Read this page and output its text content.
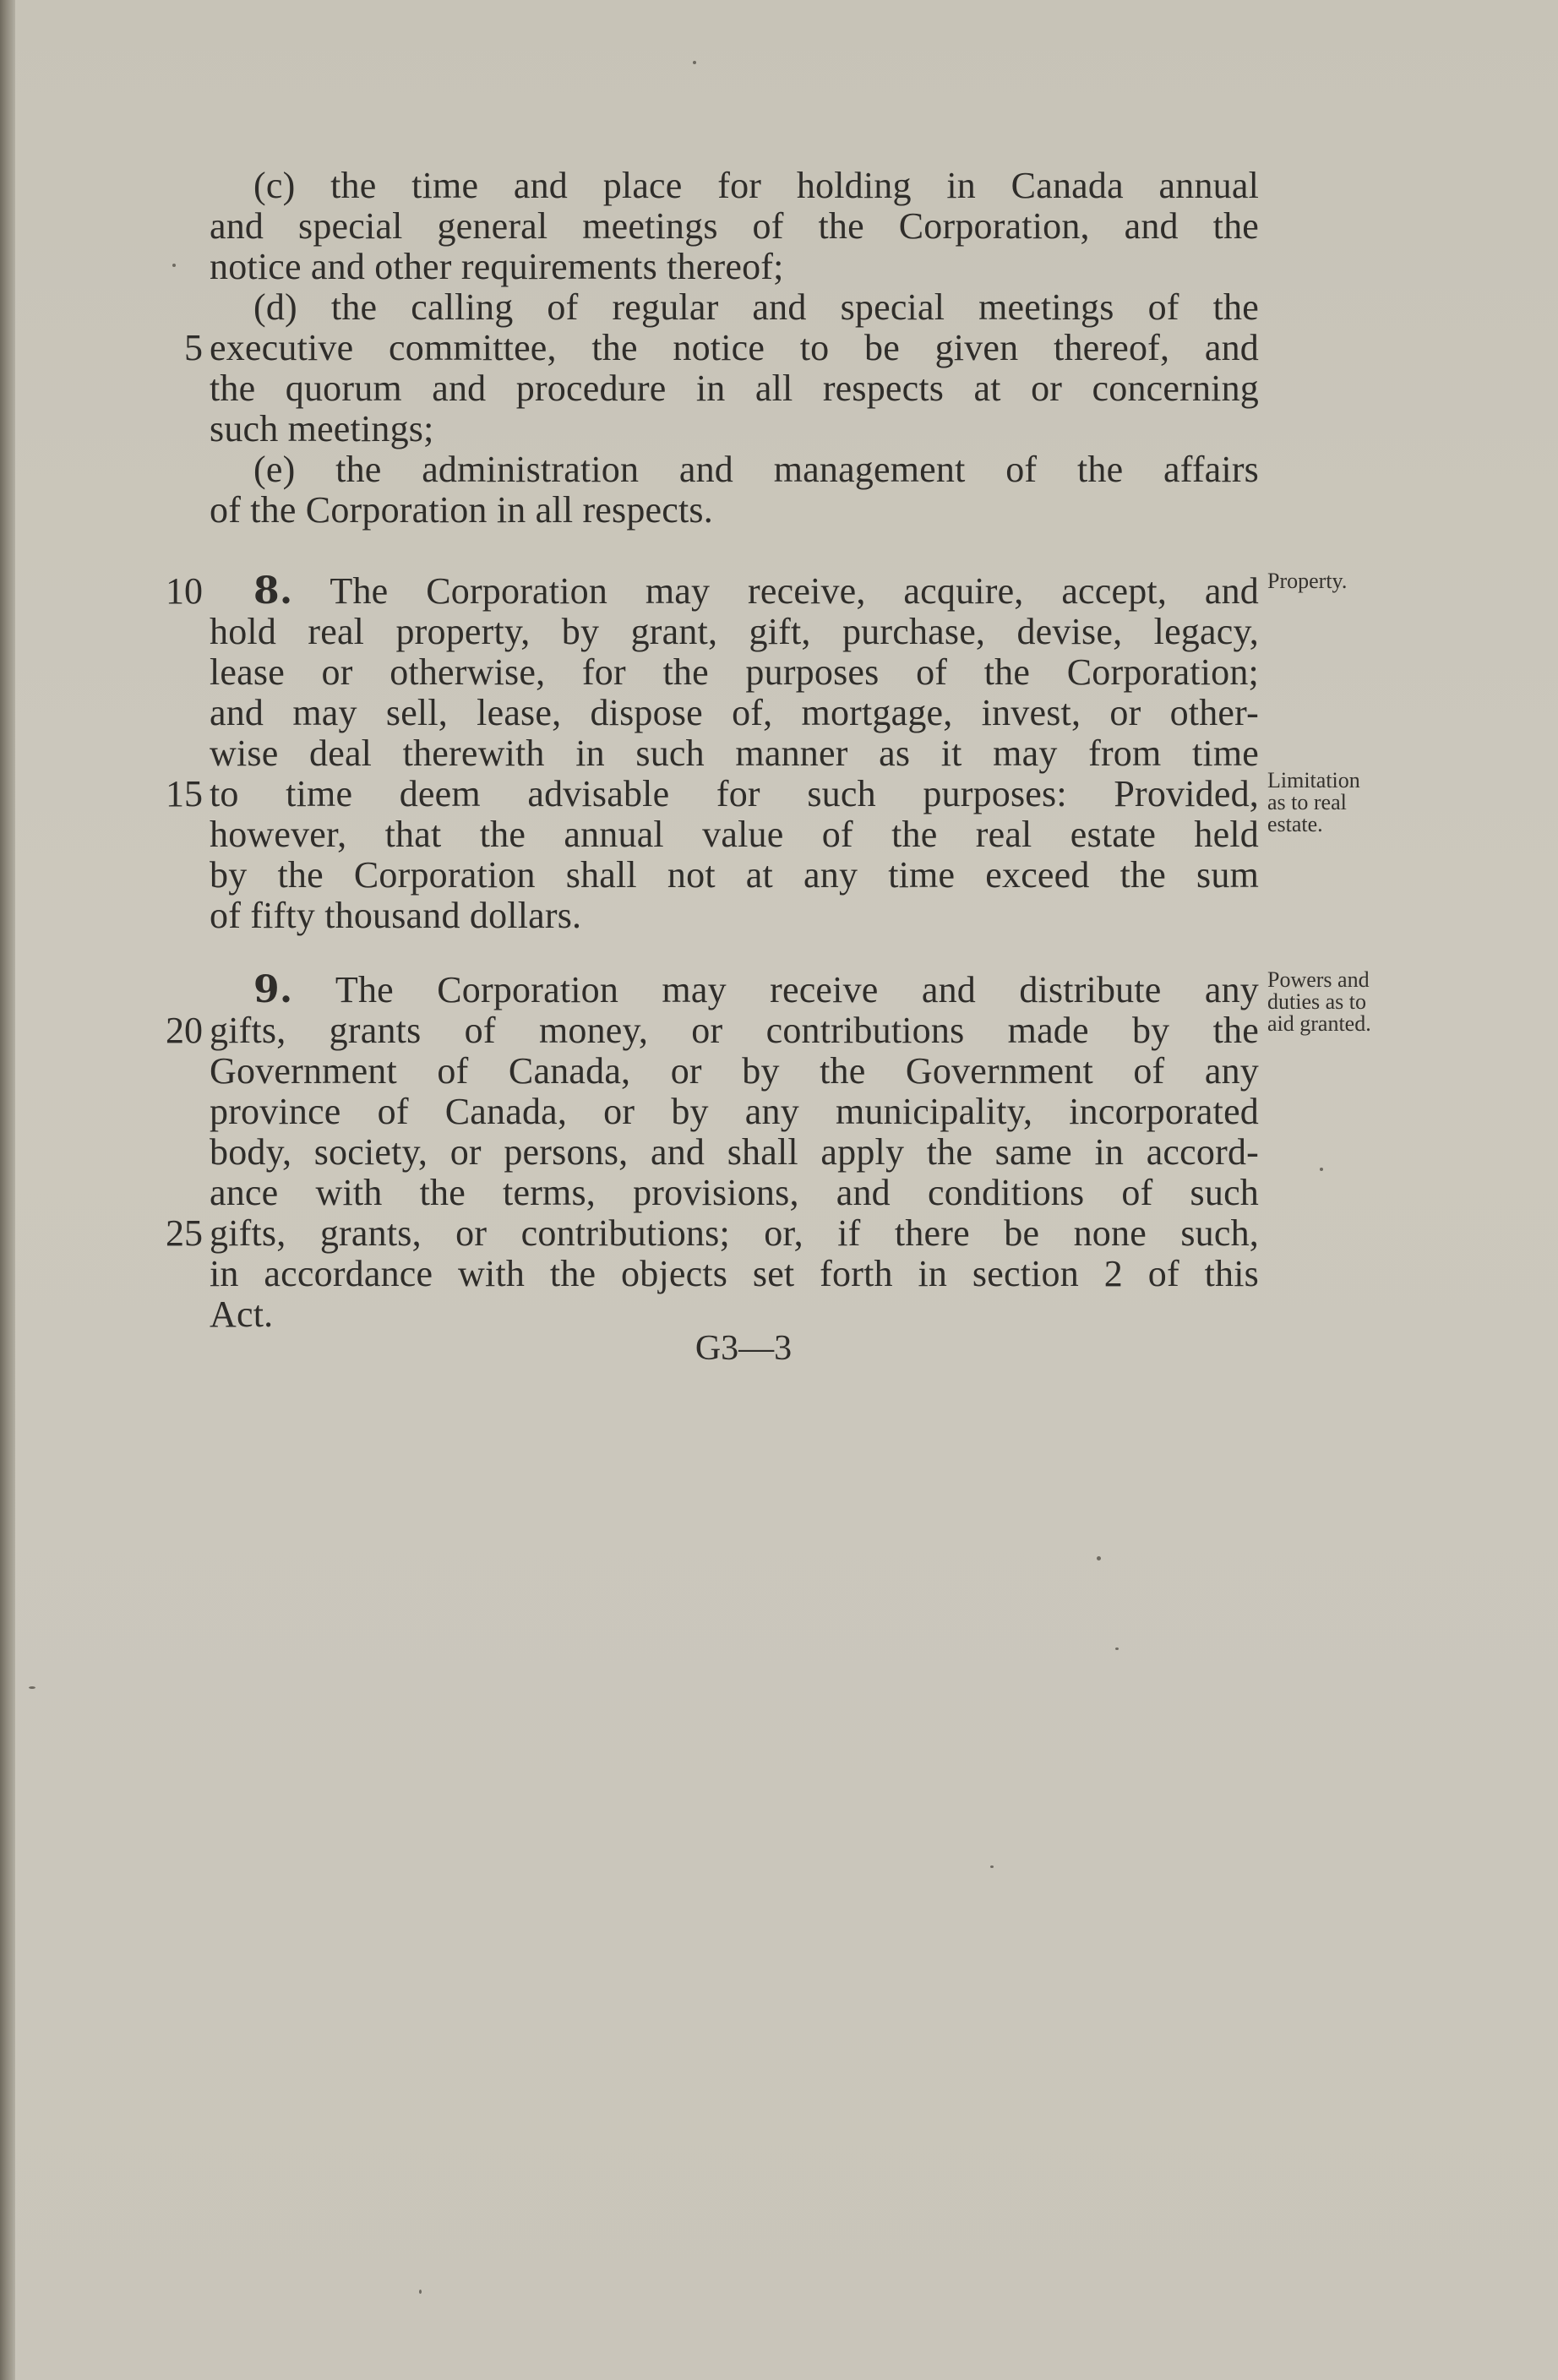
(c) the time and place for holding in Canada annual
and special general meetings of the Corporation, and the
notice and other requirements thereof;
(d) the calling of regular and special meetings of the
5 executive committee, the notice to be given thereof, and
the quorum and procedure in all respects at or concerning
such meetings;
(e) the administration and management of the affairs
of the Corporation in all respects.
10	8. The Corporation may receive, acquire, accept, and Property.
hold real property, by grant, gift, purchase, devise, legacy,
lease or otherwise, for the purposes of the Corporation;
and may sell, lease, dispose of, mortgage, invest, or other-
wise deal therewith in such manner as it may from time
15 to time deem advisable for such purposes: Provided, Limitation
as to real
estate.
however, that the annual value of the real estate held
by the Corporation shall not at any time exceed the sum
of fifty thousand dollars.
9. The Corporation may receive and distribute any Powers and
duties as to
aid granted.
20 gifts, grants of money, or contributions made by the
Government of Canada, or by the Government of any
province of Canada, or by any municipality, incorporated
body, society, or persons, and shall apply the same in accord-
ance with the terms, provisions, and conditions of such
25 gifts, grants, or contributions; or, if there be none such,
in accordance with the objects set forth in section 2 of this
Act.
G3—3
